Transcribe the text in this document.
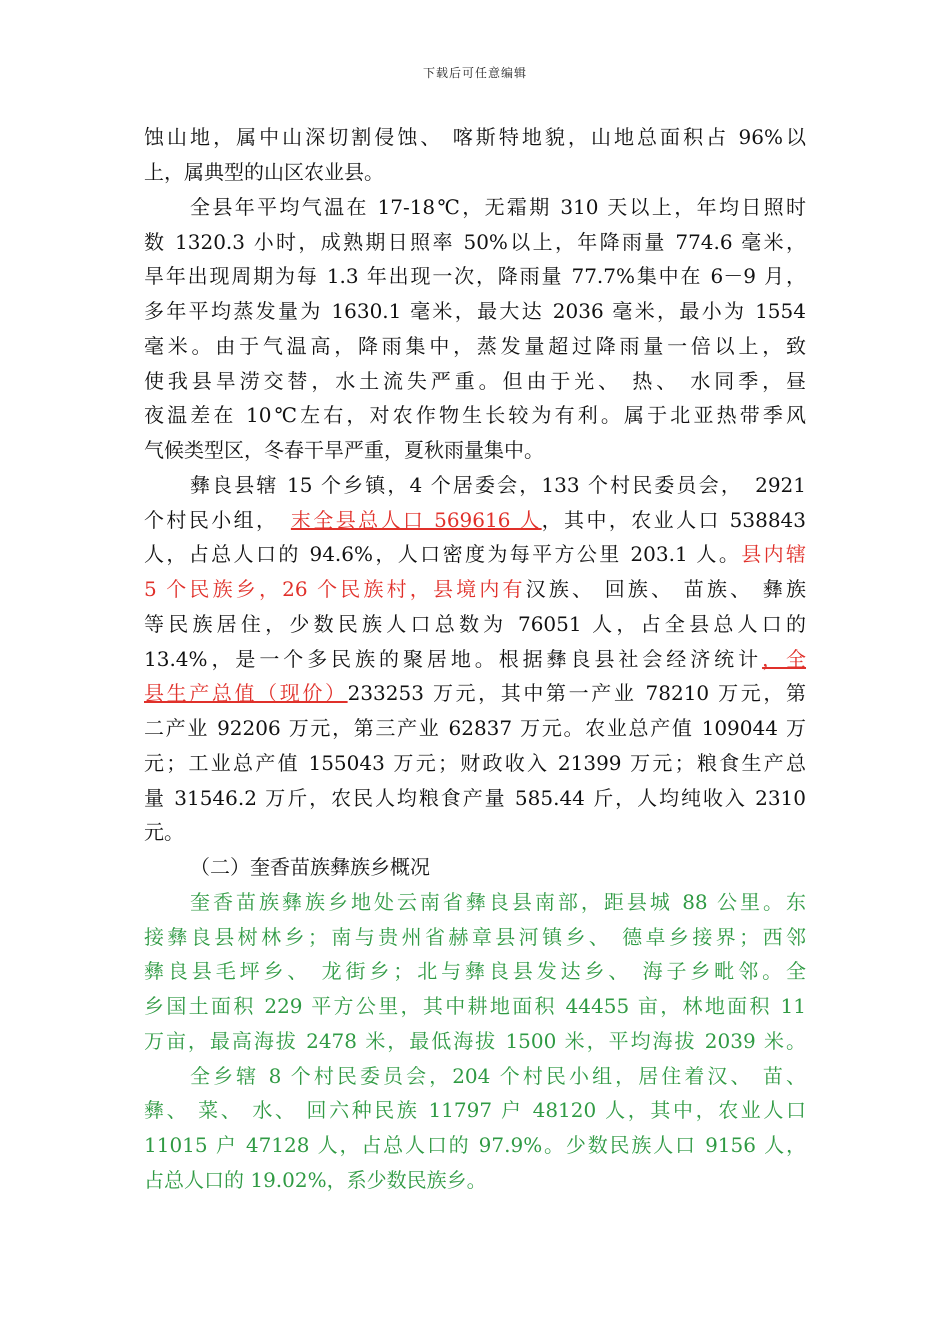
下载后可任意编辑
蚀山地，属中山深切割侵蚀、 喀斯特地貌，山地总面积占 96%以
上，属典型的山区农业县。
全县年平均气温在 17-18℃，无霜期 310 天以上，年均日照时
数 1320.3 小时，成熟期日照率 50%以上，年降雨量 774.6 毫米，
旱年出现周期为每 1.3 年出现一次，降雨量 77.7%集中在 6－9 月，
多年平均蒸发量为 1630.1 毫米，最大达 2036 毫米，最小为 1554
毫米。由于气温高，降雨集中，蒸发量超过降雨量一倍以上，致
使我县旱涝交替，水土流失严重。但由于光、 热、 水同季，昼
夜温差在 10℃左右，对农作物生长较为有利。属于北亚热带季风
气候类型区，冬春干旱严重，夏秋雨量集中。
彝良县辖 15 个乡镇，4 个居委会，133 个村民委员会，　2921
个村民小组，　末全县总人口 569616 人，其中，农业人口 538843
人，占总人口的 94.6%，人口密度为每平方公里 203.1 人。县内辖
5 个民族乡，26 个民族村，县境内有汉族、 回族、 苗族、 彝族
等民族居住，少数民族人口总数为 76051 人，占全县总人口的
13.4%，是一个多民族的聚居地。根据彝良县社会经济统计，全
县生产总值（现价）233253 万元，其中第一产业 78210 万元，第
二产业 92206 万元，第三产业 62837 万元。农业总产值 109044 万
元；工业总产值 155043 万元；财政收入 21399 万元；粮食生产总
量 31546.2 万斤，农民人均粮食产量 585.44 斤，人均纯收入 2310
元。
（二）奎香苗族彝族乡概况
奎香苗族彝族乡地处云南省彝良县南部，距县城 88 公里。东
接彝良县树林乡；南与贵州省赫章县河镇乡、 德卓乡接界；西邻
彝良县毛坪乡、 龙街乡；北与彝良县发达乡、 海子乡毗邻。全
乡国土面积 229 平方公里，其中耕地面积 44455 亩，林地面积 11
万亩，最高海拔 2478 米，最低海拔 1500 米，平均海拔 2039 米。
全乡辖 8 个村民委员会，204 个村民小组，居住着汉、 苗、
彝、 菜、 水、 回六种民族 11797 户 48120 人，其中，农业人口
11015 户 47128 人，占总人口的 97.9%。少数民族人口 9156 人，
占总人口的 19.02%，系少数民族乡。
